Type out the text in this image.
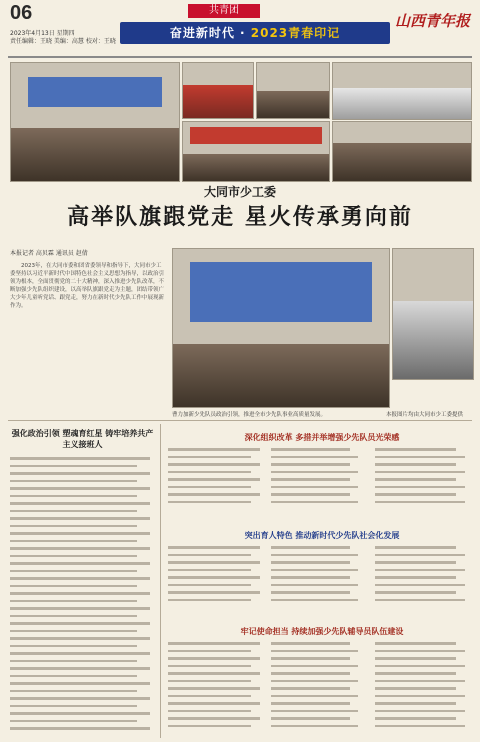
06
2023年4月13日 星期四
责任编辑：王晓 美编：高慧 校对：王晓
共青团
奋进新时代 · 2023青春印记
山西青年报
大同市少工委
高举队旗跟党走 星火传承勇向前
本报记者 高贝霖 通讯员 赵倩
2023年，在大同市委和团省委领导和指导下，大同市少工委坚持以习近平新时代中国特色社会主义思想为指导，以政治引领为根本，全面贯彻党的二十大精神，深入推进少先队改革，不断加强少先队组织建设，以高举队旗跟党走为主题，团结带领广大少年儿童听党话、跟党走，努力在新时代少先队工作中展现新作为。
曹力加新少先队员政治引领，推进全市少先队事业高质量发展。	本报图片均由大同市少工委提供
强化政治引领 塑魂育红星 铸牢培养共产主义接班人
深化组织改革 多措并举增强少先队员光荣感
突出育人特色 推动新时代少先队社会化发展
牢记使命担当 持续加强少先队辅导员队伍建设
